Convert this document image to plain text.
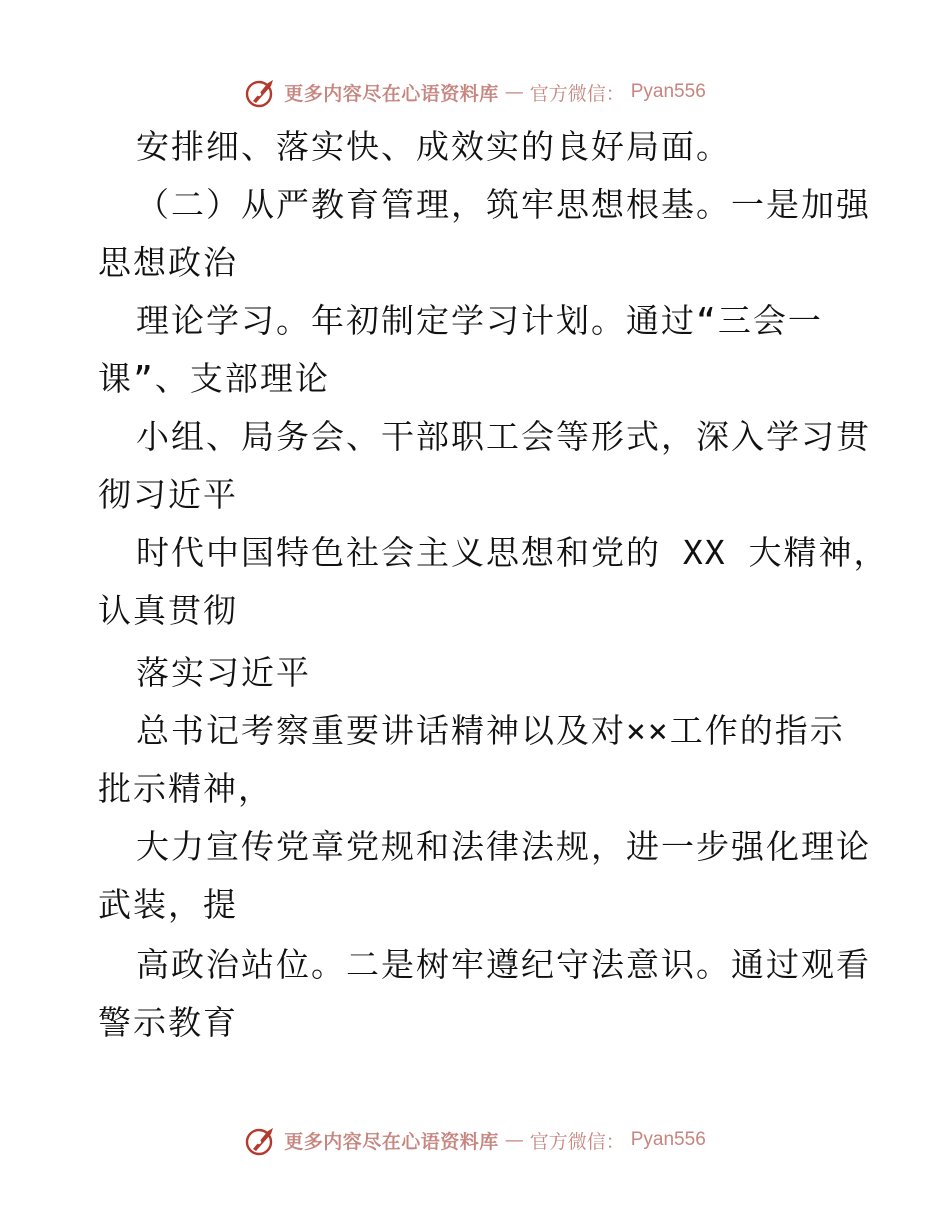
更多内容尽在心语资料库 — 官方微信： Pyan556
安排细、落实快、成效实的良好局面。
（二）从严教育管理，筑牢思想根基。一是加强
思想政治
理论学习。年初制定学习计划。通过“三会一
课”、支部理论
小组、局务会、干部职工会等形式，深入学习贯
彻习近平
时代中国特色社会主义思想和党的 XX 大精神，
认真贯彻
落实习近平
总书记考察重要讲话精神以及对××工作的指示
批示精神，
大力宣传党章党规和法律法规，进一步强化理论
武装，提
高政治站位。二是树牢遵纪守法意识。通过观看
警示教育
更多内容尽在心语资料库 — 官方微信： Pyan556
